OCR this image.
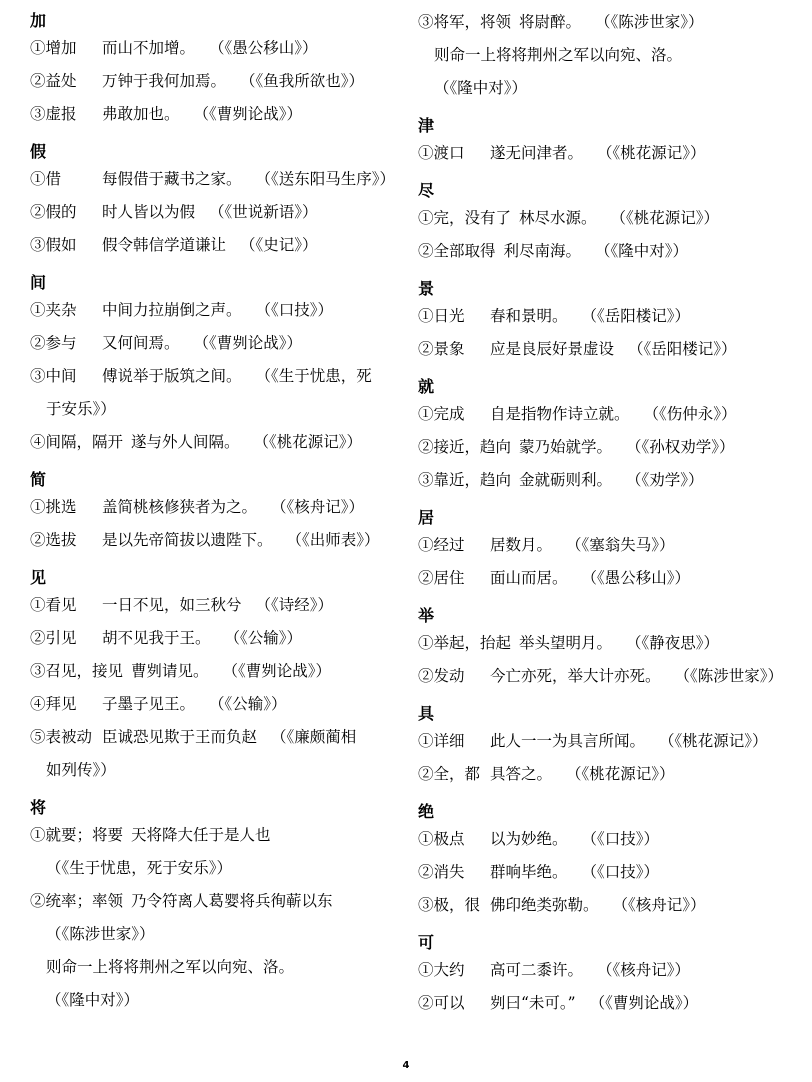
加
①增加 而山不加增。 （《愚公移山》）
②益处 万钟于我何加焉。 （《鱼我所欲也》）
③虚报 弗敢加也。 （《曹刿论战》）
假
①借	每假借于藏书之家。 （《送东阳马生序》）
②假的 时人皆以为假 （《世说新语》）
③假如 假令韩信学道谦让 （《史记》）
间
①夹杂 中间力拉崩倒之声。 （《口技》）
②参与 又何间焉。 （《曹刿论战》）
③中间 傅说举于版筑之间。 （《生于忧患，死
于安乐》）
④间隔，隔开 遂与外人间隔。 （《桃花源记》）
简
①挑选 盖简桃核修狭者为之。 （《核舟记》）
②选拔 是以先帝简拔以遗陛下。 （《出师表》）
见
①看见 一日不见，如三秋兮 （《诗经》）
②引见 胡不见我于王。 （《公输》）
③召见，接见 曹刿请见。 （《曹刿论战》）
④拜见 子墨子见王。 （《公输》）
⑤表被动 臣诚恐见欺于王而负赵 （《廉颇蔺相
如列传》）
将
①就要；将要 天将降大任于是人也
（《生于忧患，死于安乐》）
②统率；率领 乃令符离人葛婴将兵徇蕲以东
（《陈涉世家》）
则命一上将将荆州之军以向宛、洛。
（《隆中对》）
③将军，将领 将尉醉。 （《陈涉世家》）
则命一上将将荆州之军以向宛、洛。
（《隆中对》）
津
①渡口 遂无问津者。 （《桃花源记》）
尽
①完，没有了 林尽水源。 （《桃花源记》）
②全部取得 利尽南海。 （《隆中对》）
景
①日光 春和景明。 （《岳阳楼记》）
②景象 应是良辰好景虚设 （《岳阳楼记》）
就
①完成 自是指物作诗立就。 （《伤仲永》）
②接近，趋向 蒙乃始就学。 （《孙权劝学》）
③靠近，趋向 金就砺则利。 （《劝学》）
居
①经过 居数月。 （《塞翁失马》）
②居住 面山而居。 （《愚公移山》）
举
①举起，抬起 举头望明月。 （《静夜思》）
②发动 今亡亦死，举大计亦死。 （《陈涉世家》）
具
①详细 此人一一为具言所闻。 （《桃花源记》）
②全，都 具答之。 （《桃花源记》）
绝
①极点 以为妙绝。 （《口技》）
②消失 群响毕绝。 （《口技》）
③极，很 佛印绝类弥勒。 （《核舟记》）
可
①大约 高可二黍许。 （《核舟记》）
②可以 刿曰“未可。” （《曹刿论战》）
4
